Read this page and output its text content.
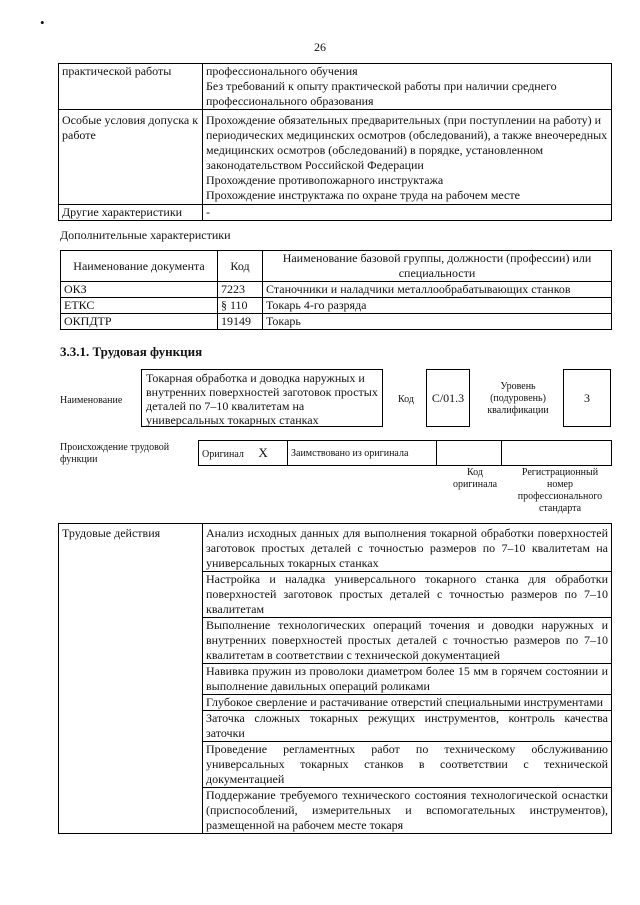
•
26
практической работы	профессионального обучения
Без требований к опыту практической работы при наличии среднего профессионального образования

Особые условия допуска к работе	Прохождение обязательных предварительных (при поступлении на работу) и периодических медицинских осмотров (обследований), а также внеочередных медицинских осмотров (обследований) в порядке, установленном законодательством Российской Федерации
Прохождение противопожарного инструктажа
Прохождение инструктажа по охране труда на рабочем месте

Другие характеристики	-
Дополнительные характеристики
Наименование документа	Код	Наименование базовой группы, должности (профессии) или специальности
ОКЗ	7223	Станочники и наладчики металлообрабатывающих станков
ЕТКС	§ 110	Токарь 4-го разряда
ОКПДТР	19149	Токарь
3.3.1. Трудовая функция
Наименование
Токарная обработка и доводка наружных и внутренних поверхностей заготовок простых деталей по 7–10 квалитетам на универсальных токарных станках
Код С/01.3
Уровень (подуровень) квалификации
3
Происхождение трудовой функции	Оригинал X	Заимствовано из оригинала		
Код оригинала
Регистрационный номер профессионального стандарта
Трудовые действия	Анализ исходных данных для выполнения токарной обработки поверхностей заготовок простых деталей с точностью размеров по 7–10 квалитетам на универсальных токарных станках
Настройка и наладка универсального токарного станка для обработки поверхностей заготовок простых деталей с точностью размеров по 7–10 квалитетам
Выполнение технологических операций точения и доводки наружных и внутренних поверхностей простых деталей с точностью размеров по 7–10 квалитетам в соответствии с технической документацией
Навивка пружин из проволоки диаметром более 15 мм в горячем состоянии и выполнение давильных операций роликами
Глубокое сверление и растачивание отверстий специальными инструментами
Заточка сложных токарных режущих инструментов, контроль качества заточки
Проведение регламентных работ по техническому обслуживанию универсальных токарных станков в соответствии с технической документацией
Поддержание требуемого технического состояния технологической оснастки (приспособлений, измерительных и вспомогательных инструментов), размещенной на рабочем месте токаря
